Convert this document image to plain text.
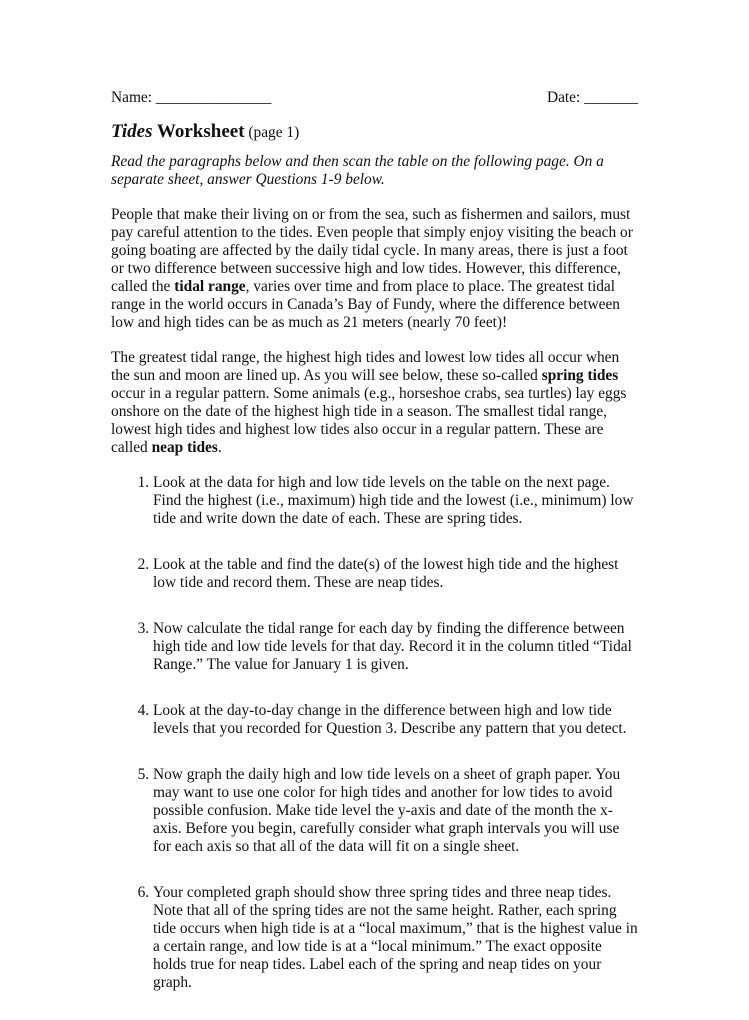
Name: _______________	Date: _______
Tides Worksheet (page 1)

Read the paragraphs below and then scan the table on the following page. On a separate sheet, answer Questions 1-9 below.

People that make their living on or from the sea, such as fishermen and sailors, must pay careful attention to the tides. Even people that simply enjoy visiting the beach or going boating are affected by the daily tidal cycle. In many areas, there is just a foot or two difference between successive high and low tides. However, this difference, called the tidal range, varies over time and from place to place. The greatest tidal range in the world occurs in Canada’s Bay of Fundy, where the difference between low and high tides can be as much as 21 meters (nearly 70 feet)!

The greatest tidal range, the highest high tides and lowest low tides all occur when the sun and moon are lined up. As you will see below, these so-called spring tides occur in a regular pattern. Some animals (e.g., horseshoe crabs, sea turtles) lay eggs onshore on the date of the highest high tide in a season. The smallest tidal range, lowest high tides and highest low tides also occur in a regular pattern. These are called neap tides.

1. Look at the data for high and low tide levels on the table on the next page. Find the highest (i.e., maximum) high tide and the lowest (i.e., minimum) low tide and write down the date of each. These are spring tides.
2. Look at the table and find the date(s) of the lowest high tide and the highest low tide and record them. These are neap tides.
3. Now calculate the tidal range for each day by finding the difference between high tide and low tide levels for that day. Record it in the column titled “Tidal Range.” The value for January 1 is given.
4. Look at the day-to-day change in the difference between high and low tide levels that you recorded for Question 3. Describe any pattern that you detect.
5. Now graph the daily high and low tide levels on a sheet of graph paper. You may want to use one color for high tides and another for low tides to avoid possible confusion. Make tide level the y-axis and date of the month the x-axis. Before you begin, carefully consider what graph intervals you will use for each axis so that all of the data will fit on a single sheet.
6. Your completed graph should show three spring tides and three neap tides. Note that all of the spring tides are not the same height. Rather, each spring tide occurs when high tide is at a “local maximum,” that is the highest value in a certain range, and low tide is at a “local minimum.” The exact opposite holds true for neap tides. Label each of the spring and neap tides on your graph.
